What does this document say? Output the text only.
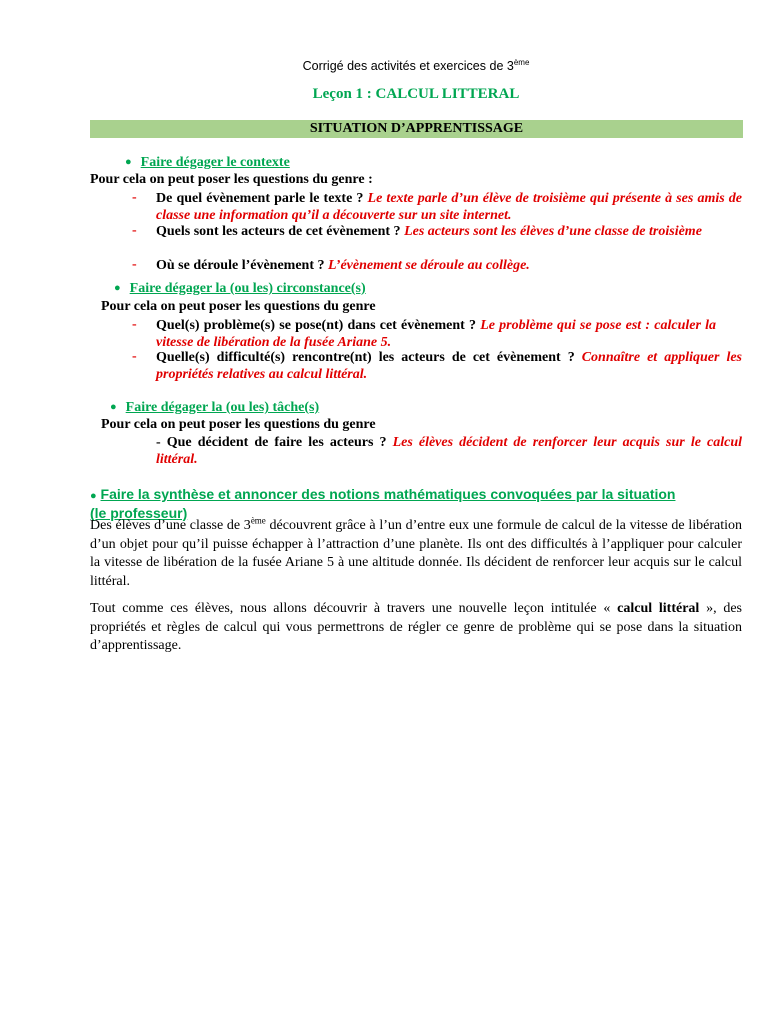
Corrigé des activités et exercices de 3ème
Leçon 1 : CALCUL LITTERAL
SITUATION D’APPRENTISSAGE
● Faire dégager le contexte
Pour cela on peut poser les questions du genre :
- De quel évènement parle le texte ? Le texte parle d’un élève de troisième qui présente à ses amis de classe une information qu’il a découverte sur un site internet.
- Quels sont les acteurs de cet évènement ? Les acteurs sont les élèves d’une classe de troisième
- Où se déroule l’évènement ? L’évènement se déroule au collège.
● Faire dégager la (ou les) circonstance(s)
Pour cela on peut poser les questions du genre
- Quel(s) problème(s) se pose(nt) dans cet évènement ? Le problème qui se pose est : calculer la vitesse de libération de la fusée Ariane 5.
- Quelle(s) difficulté(s) rencontre(nt) les acteurs de cet évènement ? Connaître et appliquer les propriétés relatives au calcul littéral.
● Faire dégager la (ou les) tâche(s)
Pour cela on peut poser les questions du genre
- Que décident de faire les acteurs ? Les élèves décident de renforcer leur acquis sur le calcul littéral.
● Faire la synthèse et annoncer des notions mathématiques convoquées par la situation (le professeur)
Des élèves d’une classe de 3ème découvrent grâce à l’un d’entre eux une formule de calcul de la vitesse de libération d’un objet pour qu’il puisse échapper à l’attraction d’une planète. Ils ont des difficultés à l’appliquer pour calculer la vitesse de libération de la fusée Ariane 5 à une altitude donnée. Ils décident de renforcer leur acquis sur le calcul littéral.
Tout comme ces élèves, nous allons découvrir à travers une nouvelle leçon intitulée « calcul littéral », des propriétés et règles de calcul qui vous permettrons de régler ce genre de problème qui se pose dans la situation d’apprentissage.
